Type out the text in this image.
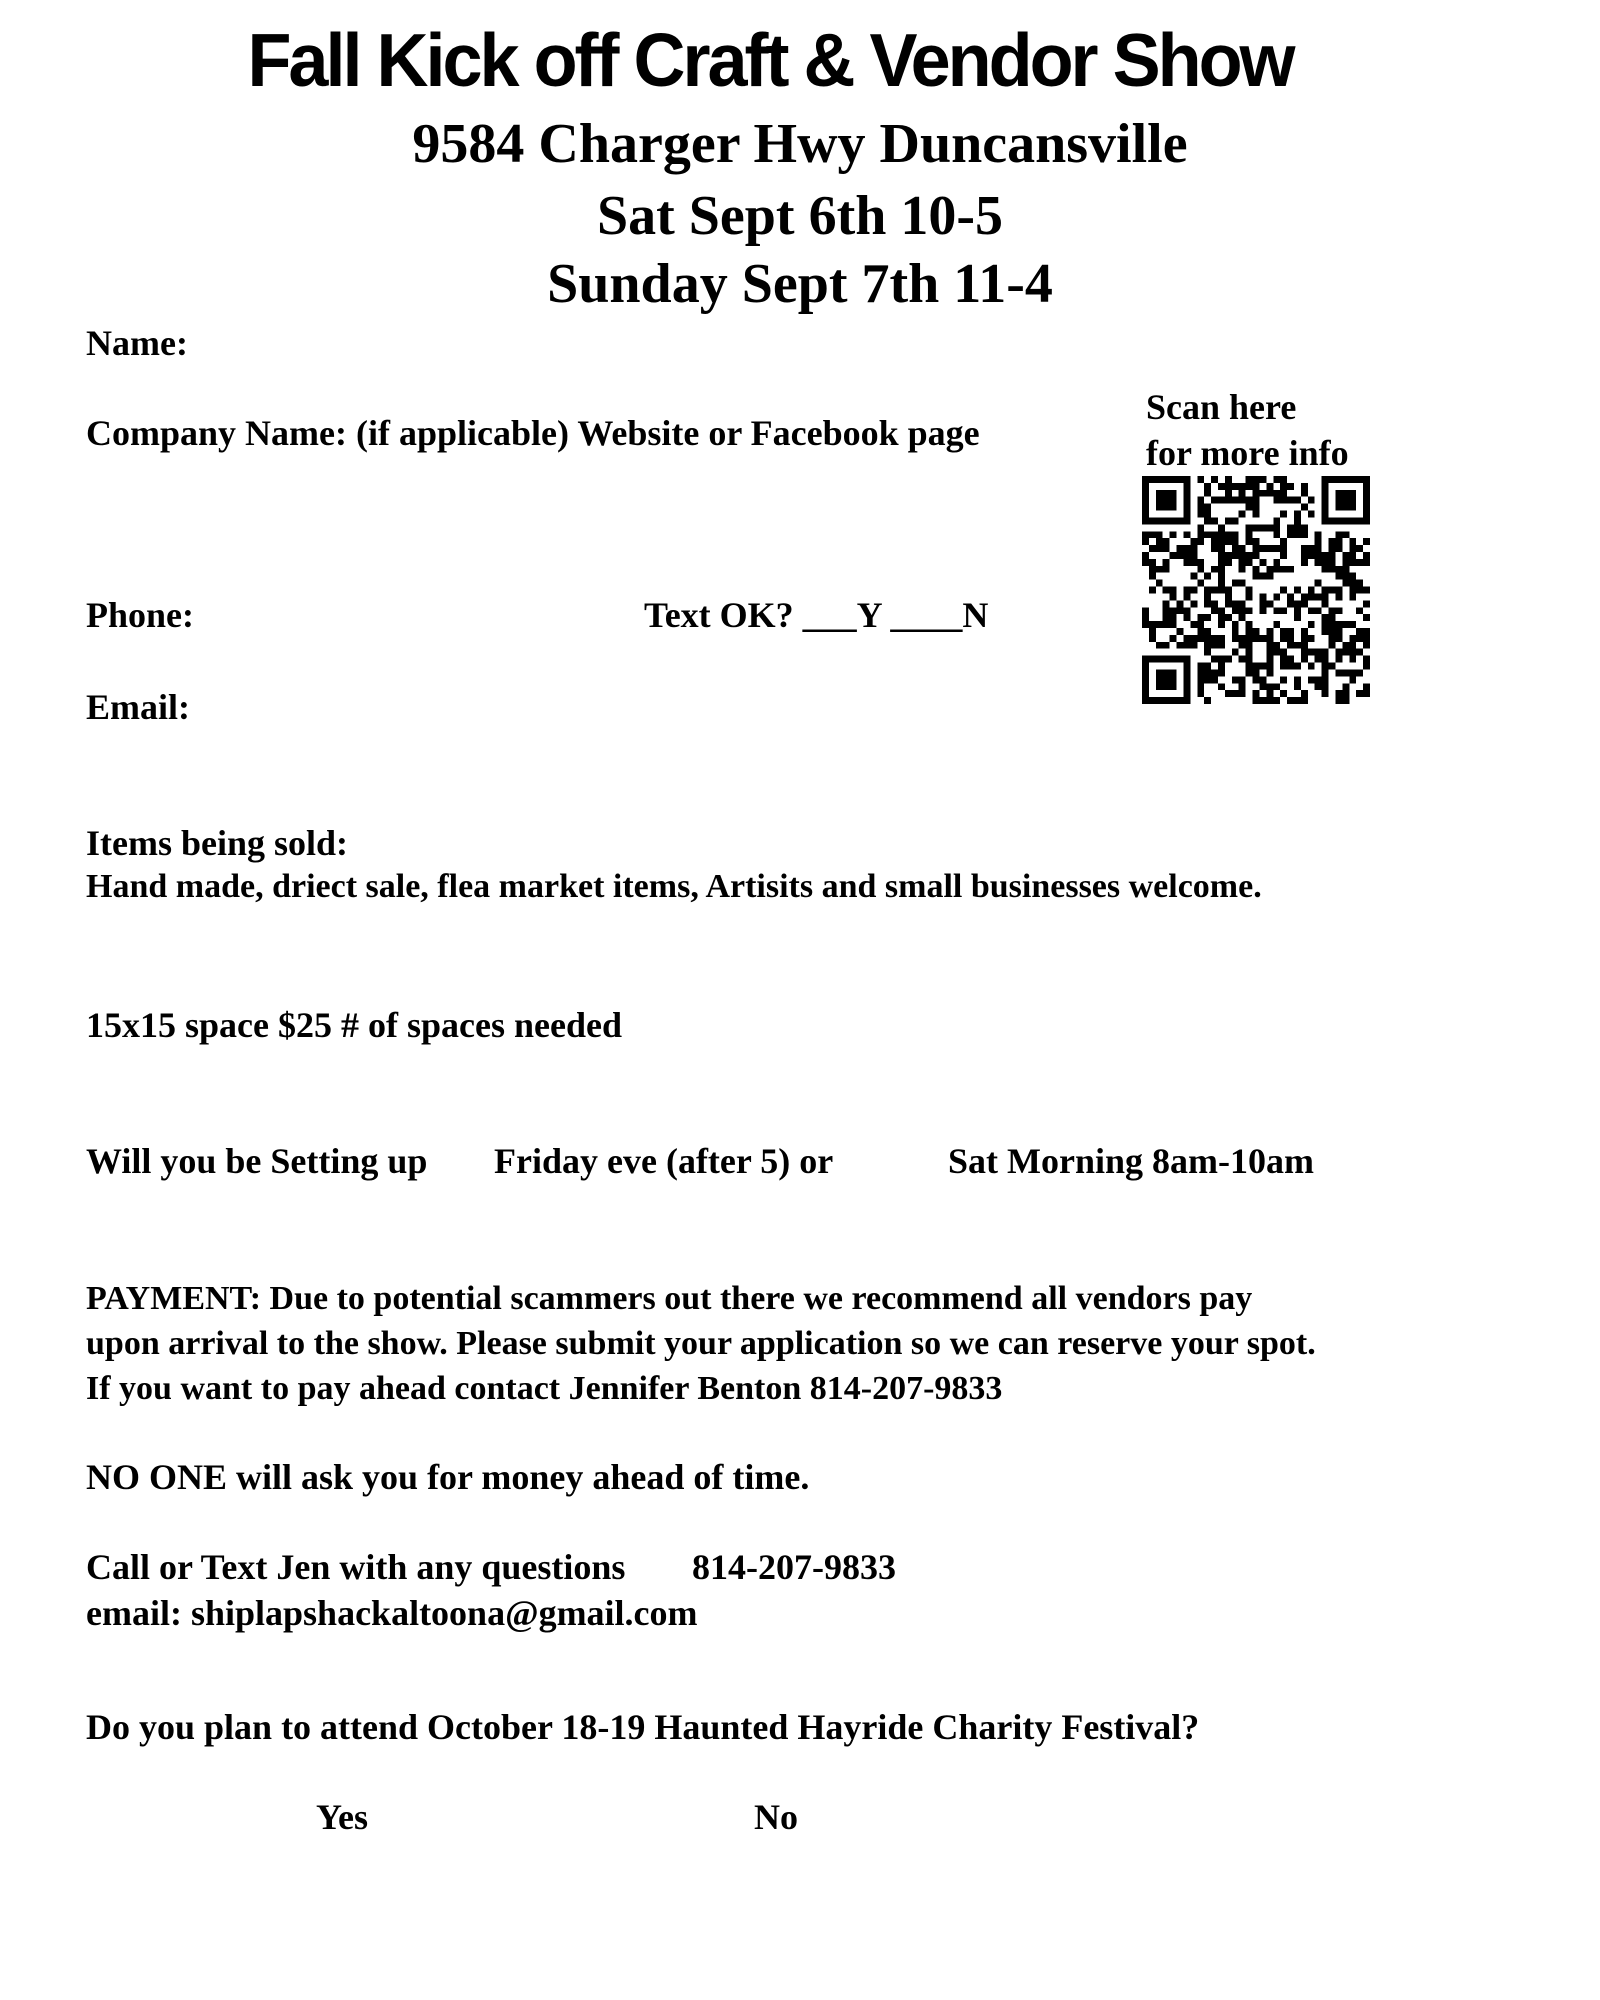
Fall Kick off Craft & Vendor Show
9584 Charger Hwy Duncansville
Sat Sept 6th 10-5
Sunday Sept 7th 11-4
Name:
Company Name: (if applicable) Website or Facebook page
Phone:	Text OK? ___Y ____N
Email:
Scan here
for more info
Items being sold:
Hand made, driect sale, flea market items, Artisits and small businesses welcome.
15x15 space $25 # of spaces needed
Will you be Setting up Friday eve (after 5) or	Sat Morning 8am-10am
PAYMENT: Due to potential scammers out there we recommend all vendors pay
upon arrival to the show. Please submit your application so we can reserve your spot.
If you want to pay ahead contact Jennifer Benton 814-207-9833
NO ONE will ask you for money ahead of time.
Call or Text Jen with any questions 814-207-9833
email: shiplapshackaltoona@gmail.com
Do you plan to attend October 18-19 Haunted Hayride Charity Festival?
Yes	No
